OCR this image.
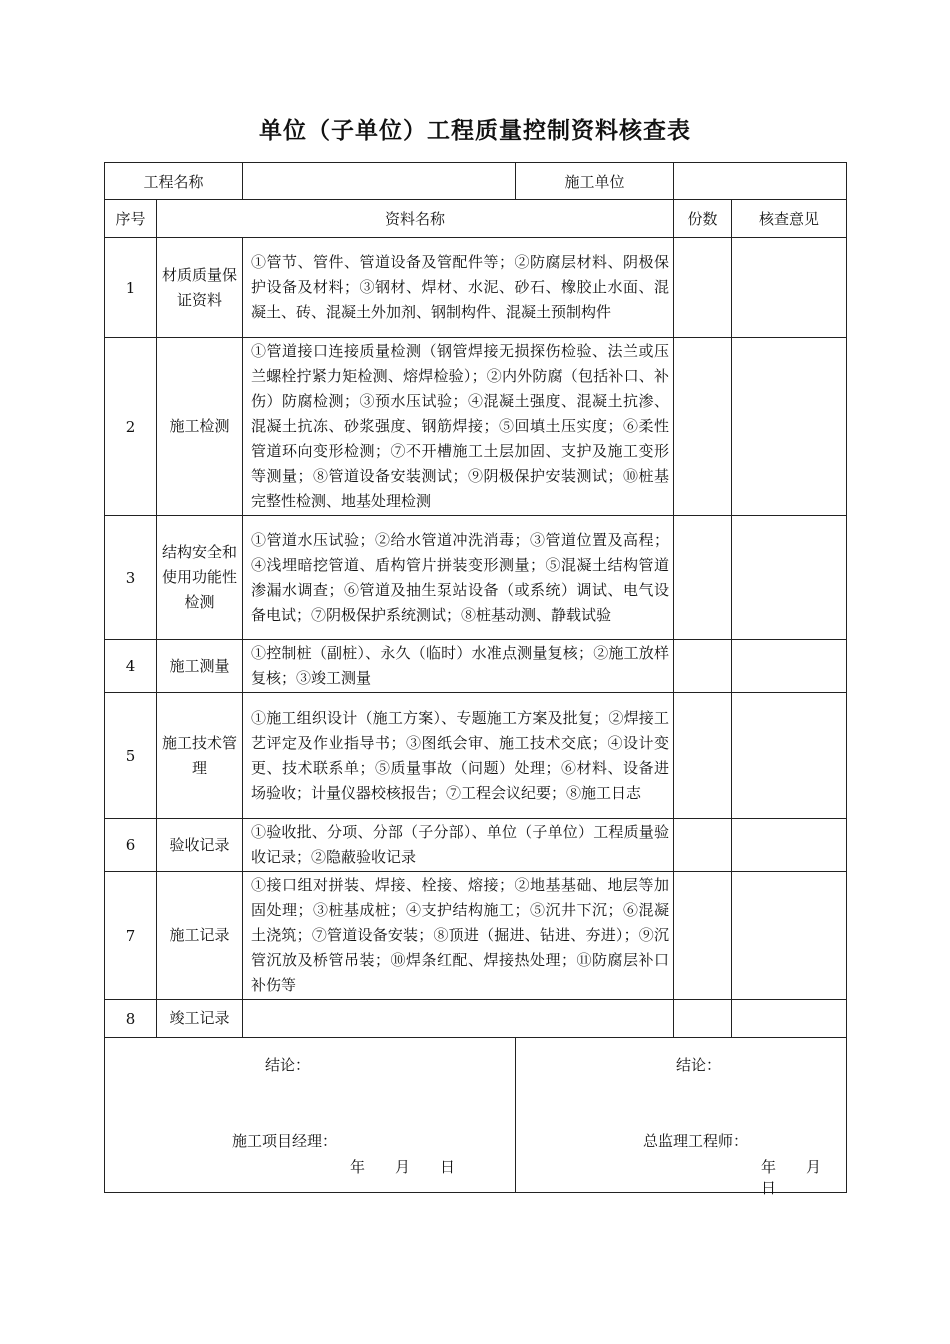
单位（子单位）工程质量控制资料核查表
工程名称			施工单位		
序号	资料名称			份数	核查意见
1	材质质量保证资料	①管节、管件、管道设备及管配件等；②防腐层材料、阴极保护设备及材料；③钢材、焊材、水泥、砂石、橡胶止水面、混凝土、砖、混凝土外加剂、钢制构件、混凝土预制构件			
2	施工检测	①管道接口连接质量检测（钢管焊接无损探伤检验、法兰或压兰螺栓拧紧力矩检测、熔焊检验）；②内外防腐（包括补口、补伤）防腐检测；③预水压试验；④混凝土强度、混凝土抗渗、混凝土抗冻、砂浆强度、钢筋焊接；⑤回填土压实度；⑥柔性管道环向变形检测；⑦不开槽施工土层加固、支护及施工变形等测量；⑧管道设备安装测试；⑨阴极保护安装测试；⑩桩基完整性检测、地基处理检测			
3	结构安全和使用功能性检测	①管道水压试验；②给水管道冲洗消毒；③管道位置及高程；④浅埋暗挖管道、盾构管片拼装变形测量；⑤混凝土结构管道渗漏水调查；⑥管道及抽生泵站设备（或系统）调试、电气设备电试；⑦阴极保护系统测试；⑧桩基动测、静载试验			
4	施工测量	①控制桩（副桩）、永久（临时）水准点测量复核；②施工放样复核；③竣工测量			
5	施工技术管理	①施工组织设计（施工方案）、专题施工方案及批复；②焊接工艺评定及作业指导书；③图纸会审、施工技术交底；④设计变更、技术联系单；⑤质量事故（问题）处理；⑥材料、设备进场验收；计量仪器校核报告；⑦工程会议纪要；⑧施工日志			
6	验收记录	①验收批、分项、分部（子分部）、单位（子单位）工程质量验收记录；②隐蔽验收记录			
7	施工记录	①接口组对拼装、焊接、栓接、熔接；②地基基础、地层等加固处理；③桩基成桩；④支护结构施工；⑤沉井下沉；⑥混凝土浇筑；⑦管道设备安装；⑧顶进（掘进、钻进、夯进）；⑨沉管沉放及桥管吊装；⑩焊条红配、焊接热处理；⑪防腐层补口补伤等			
8	竣工记录				

结论：
施工项目经理：
年　　月　　日			结论：
总监理工程师：
年　　月　　日		
